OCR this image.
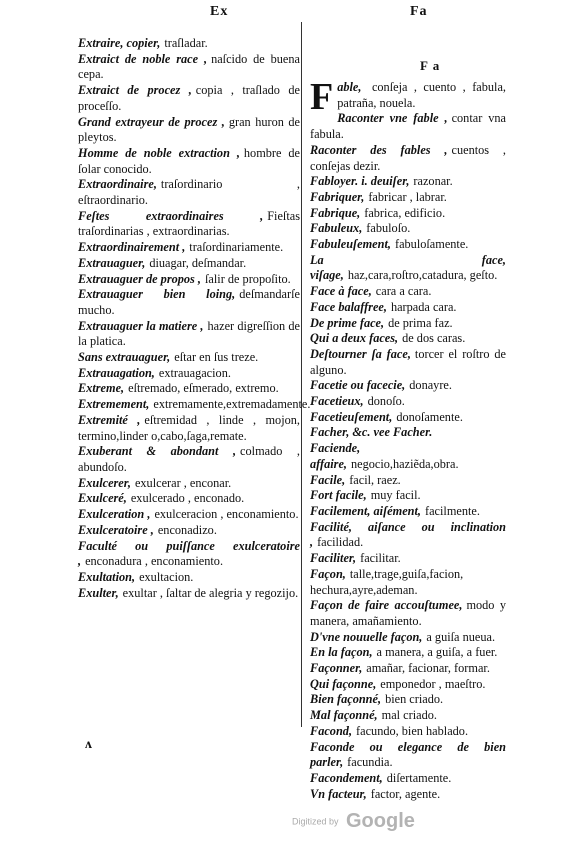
Ex	Fa

Extraire, copier, traſladar.

Extraict de noble race , naſcido de buena cepa.

Extraict de procez , copia , traſlado de proceſſo.

Grand extrayeur de procez , gran huron de pleytos.

Homme de noble extraction , hombre de ſolar conocido.

Extraordinaire, traſordinario , eſtraordinario.

Feſtes extraordinaires , Fieſtas traſordinarias , extraordinarias.

Extraordinairement , traſordinariamente.

Extrauaguer, diuagar, deſmandar.

Extrauaguer de propos , ſalir de propoſito.

Extrauaguer bien loing, deſmandarſe mucho.

Extrauaguer la matiere , hazer digreſſion de la platica.

Sans extrauaguer, eſtar en ſus treze.

Extrauagation, extrauagacion.

Extreme, eſtremado, eſmerado, extremo.

Extremement, extremamente,extremadamente.

Extremité , eſtremidad , linde , mojon, termino,linder o,cabo,ſaga,remate.

Exuberant & abondant , colmado , abundoſo.

Exulcerer, exulcerar , enconar.

Exulceré, exulcerado , enconado.

Exulceration , exulceracion , enconamiento.

Exulceratoire , enconadizo.

Faculté ou puiſſance exulceratoire , enconadura , enconamiento.

Exultation, exultacion.

Exulter, exultar , ſaltar de alegria y regozijo.

F a

F able, conſeja , cuento , fabula, patraña, nouela.

Raconter vne fable , contar vna fabula.

Raconter des fables , cuentos , conſejas dezir.

Fabloyer. i. deuiſer, razonar.

Fabriquer, fabricar , labrar.

Fabrique, fabrica, edificio.

Fabuleux, fabuloſo.

Fabuleuſement, fabuloſamente.

La face, viſage, haz,cara,roſtro,catadura, geſto.

Face à face, cara a cara.

Face balaffree, harpada cara.

De prime face, de prima faz.

Qui a deux faces, de dos caras.

Deſtourner ſa face, torcer el roſtro de alguno.

Facetie ou facecie, donayre.

Facetieux, donoſo.

Facetieuſement, donoſamente.

Facher, &c. vee Facher.

Faciende, affaire, negocio,haziẽda,obra.

Facile, facil, raez.

Fort facile, muy facil.

Facilement, aiſément, facilmente.

Facilité, aiſance ou inclination , facilidad.

Faciliter, facilitar.

Façon, talle,trage,guiſa,facion, hechura,ayre,ademan.

Façon de faire accouſtumee, modo y manera, amañamiento.

D'vne nouuelle façon, a guiſa nueua.

En la façon, a manera, a guiſa, a fuer.

Façonner, amañar, facionar, formar.

Qui façonne, emponedor , maeſtro.

Bien façonné, bien criado.

Mal façonné, mal criado.

Facond, facundo, bien hablado.

Faconde ou elegance de bien parler, facundia.

Facondement, diſertamente.

Vn facteur, factor, agente.

ʌ
Digitized by Google
